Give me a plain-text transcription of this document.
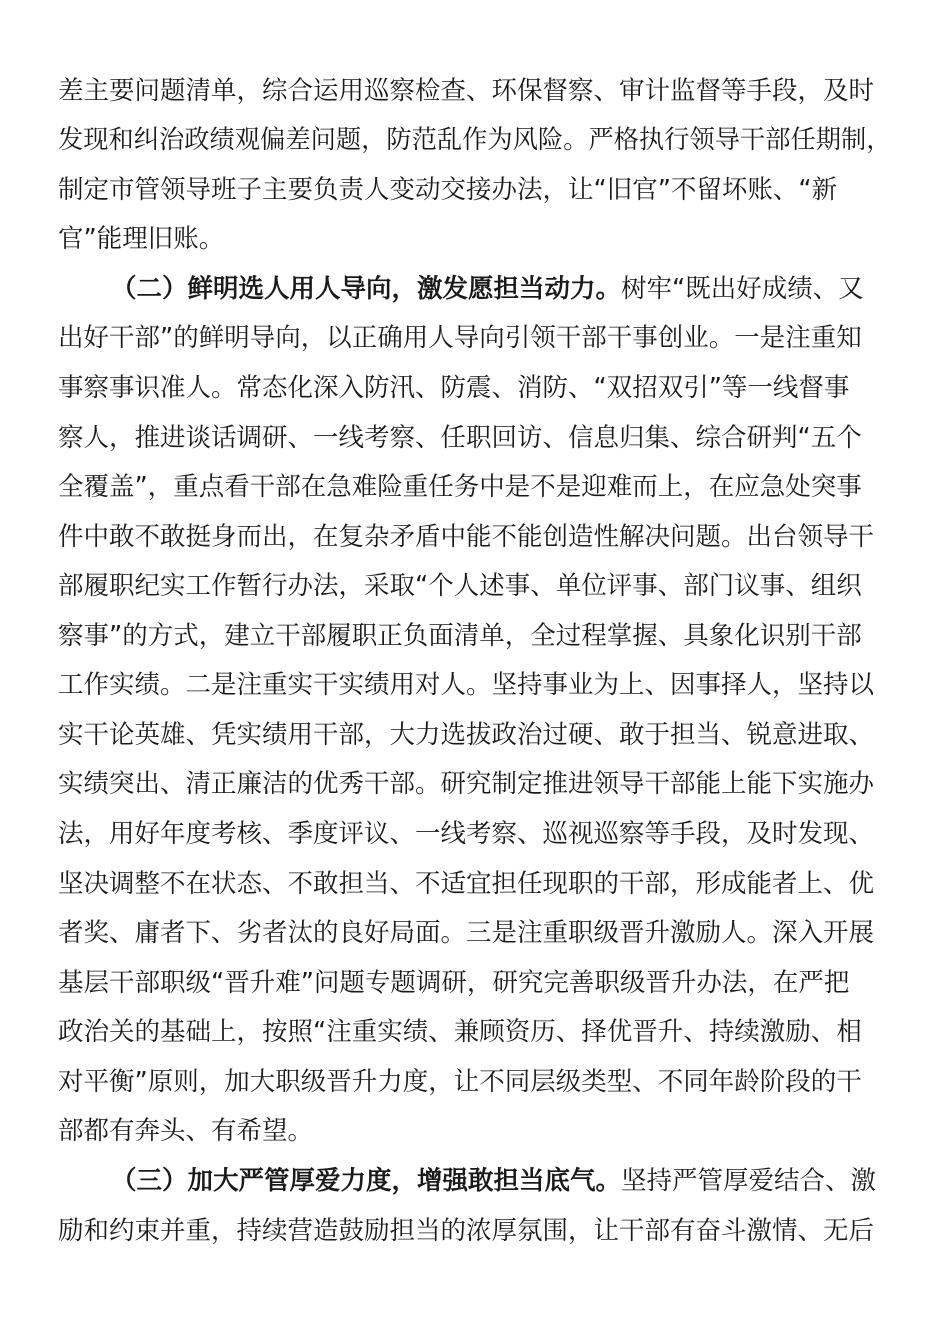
差主要问题清单，综合运用巡察检查、环保督察、审计监督等手段，及时
发现和纠治政绩观偏差问题，防范乱作为风险。严格执行领导干部任期制，
制定市管领导班子主要负责人变动交接办法，让“旧官”不留坏账、“新
官”能理旧账。
（二）鲜明选人用人导向，激发愿担当动力。树牢“既出好成绩、又
出好干部”的鲜明导向，以正确用人导向引领干部干事创业。一是注重知
事察事识准人。常态化深入防汛、防震、消防、“双招双引”等一线督事
察人，推进谈话调研、一线考察、任职回访、信息归集、综合研判“五个
全覆盖”，重点看干部在急难险重任务中是不是迎难而上，在应急处突事
件中敢不敢挺身而出，在复杂矛盾中能不能创造性解决问题。出台领导干
部履职纪实工作暂行办法，采取“个人述事、单位评事、部门议事、组织
察事”的方式，建立干部履职正负面清单，全过程掌握、具象化识别干部
工作实绩。二是注重实干实绩用对人。坚持事业为上、因事择人，坚持以
实干论英雄、凭实绩用干部，大力选拔政治过硬、敢于担当、锐意进取、
实绩突出、清正廉洁的优秀干部。研究制定推进领导干部能上能下实施办
法，用好年度考核、季度评议、一线考察、巡视巡察等手段，及时发现、
坚决调整不在状态、不敢担当、不适宜担任现职的干部，形成能者上、优
者奖、庸者下、劣者汰的良好局面。三是注重职级晋升激励人。深入开展
基层干部职级“晋升难”问题专题调研，研究完善职级晋升办法，在严把
政治关的基础上，按照“注重实绩、兼顾资历、择优晋升、持续激励、相
对平衡”原则，加大职级晋升力度，让不同层级类型、不同年龄阶段的干
部都有奔头、有希望。
（三）加大严管厚爱力度，增强敢担当底气。坚持严管厚爱结合、激
励和约束并重，持续营造鼓励担当的浓厚氛围，让干部有奋斗激情、无后
